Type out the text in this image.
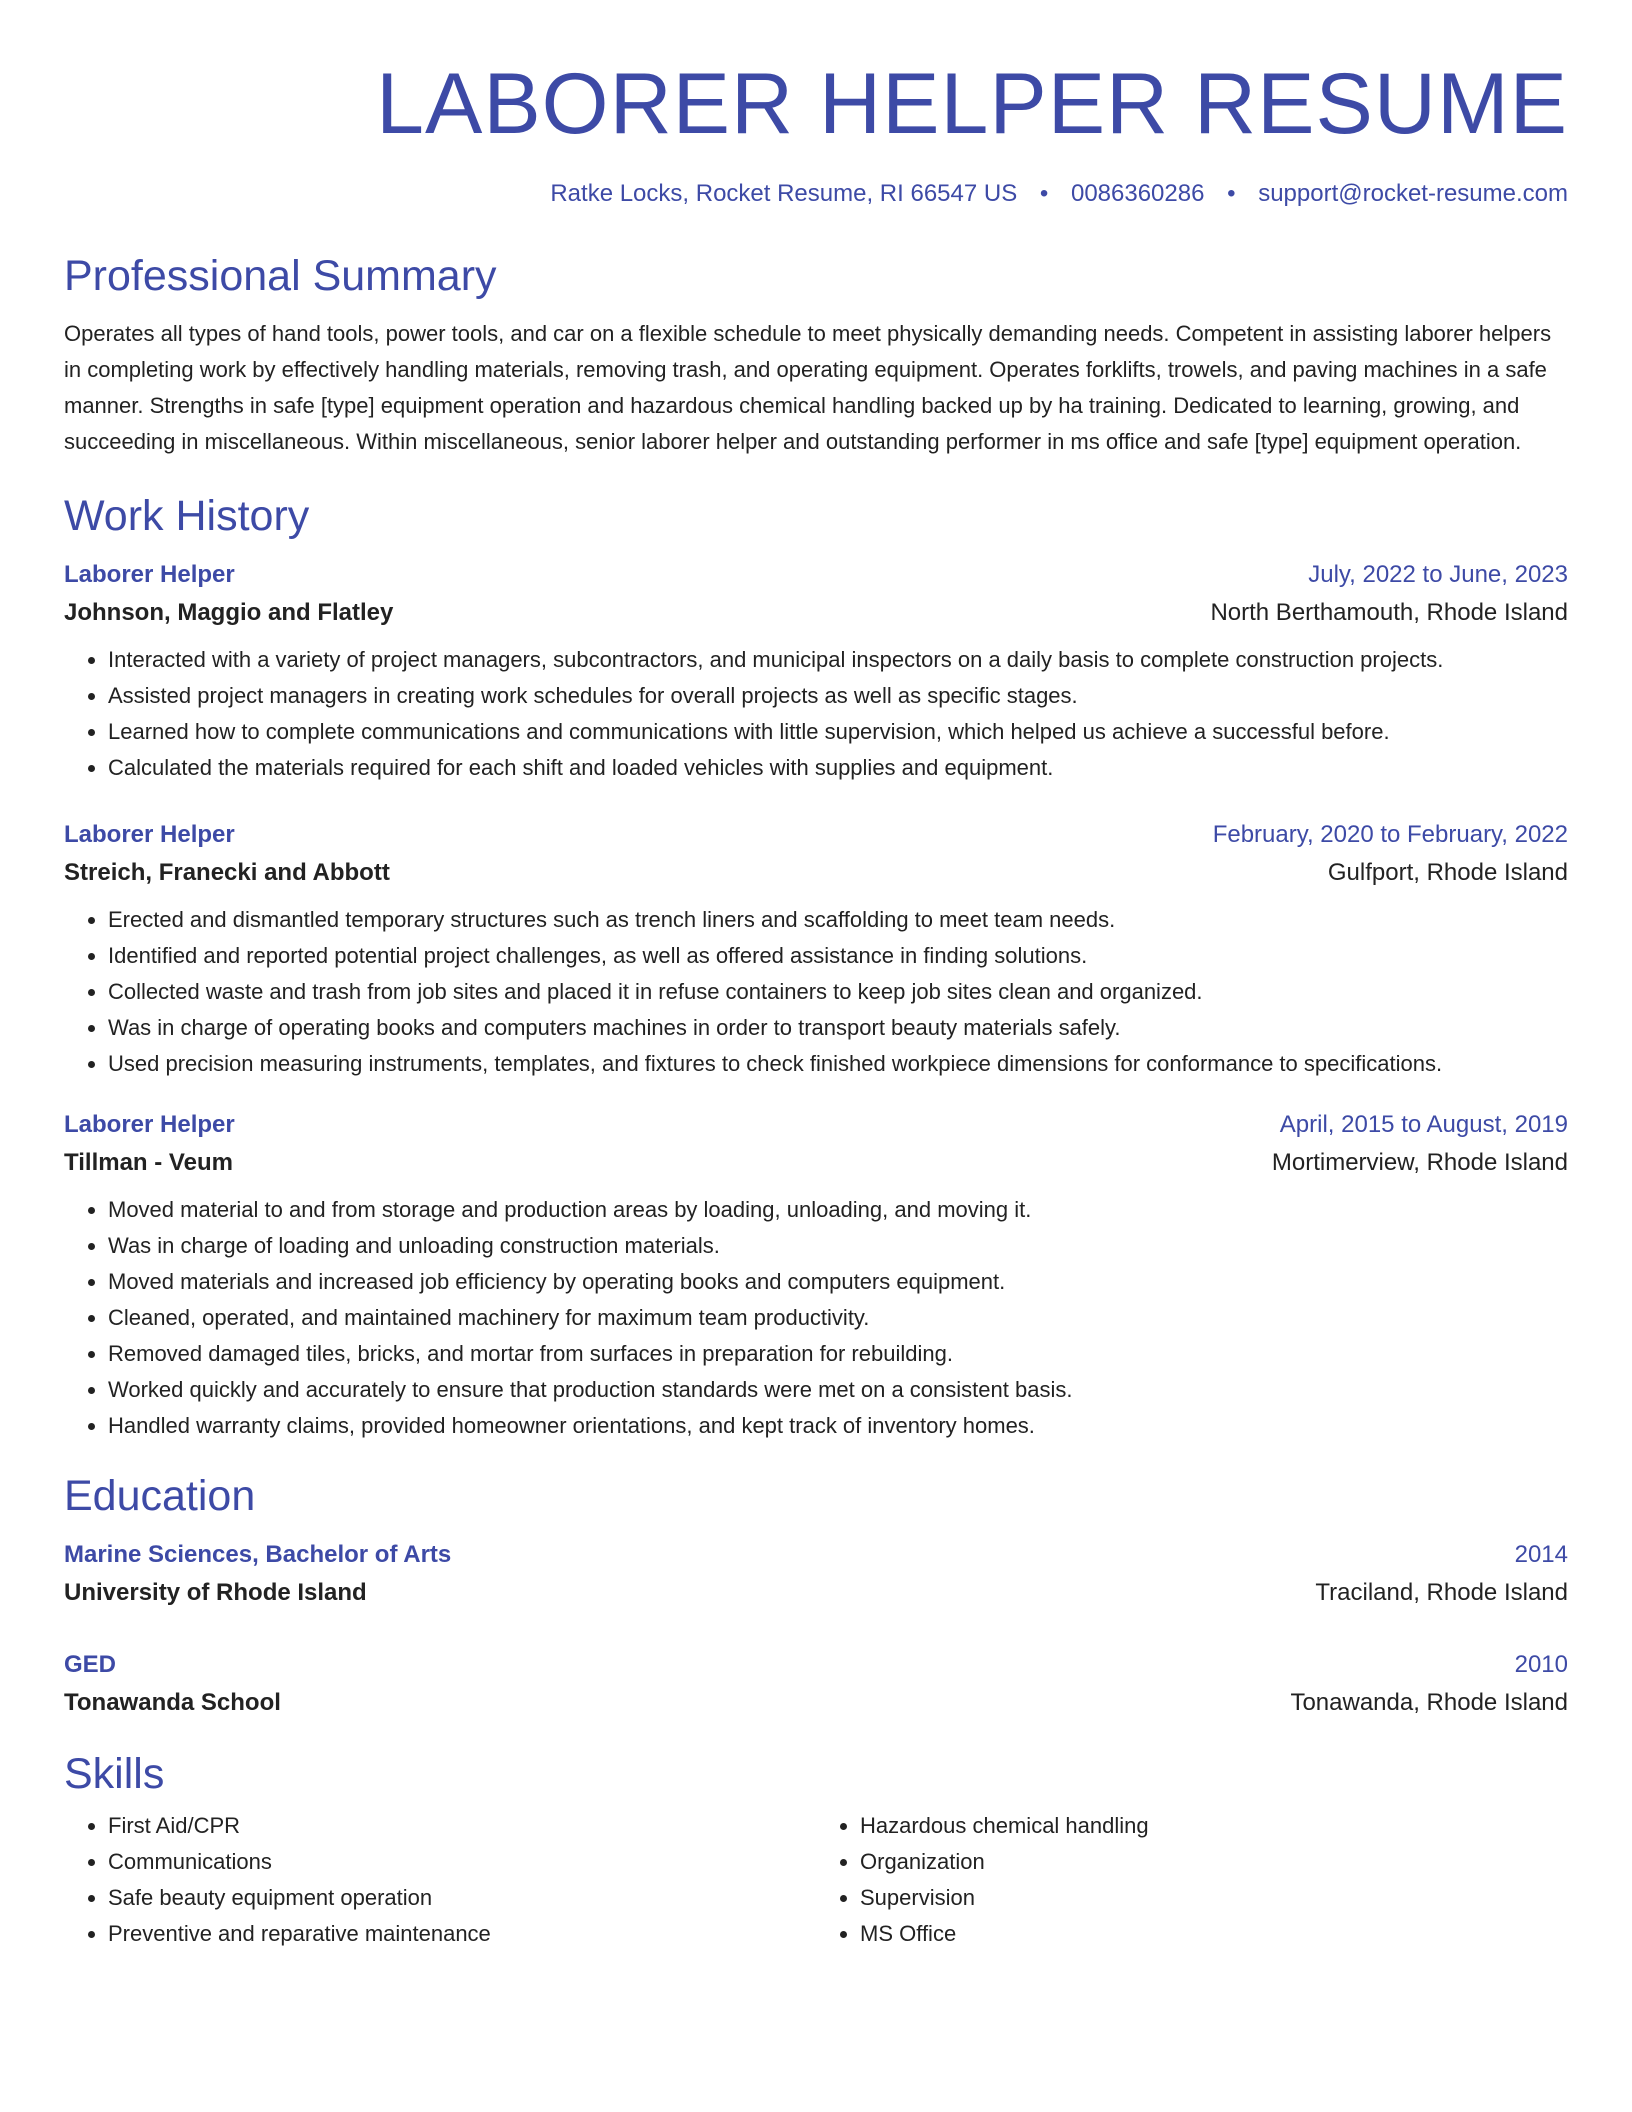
LABORER HELPER RESUME
Ratke Locks, Rocket Resume, RI 66547 US • 0086360286 • support@rocket-resume.com
Professional Summary

Operates all types of hand tools, power tools, and car on a flexible schedule to meet physically demanding needs. Competent in assisting laborer helpers in completing work by effectively handling materials, removing trash, and operating equipment. Operates forklifts, trowels, and paving machines in a safe manner. Strengths in safe [type] equipment operation and hazardous chemical handling backed up by ha training. Dedicated to learning, growing, and succeeding in miscellaneous. Within miscellaneous, senior laborer helper and outstanding performer in ms office and safe [type] equipment operation.

Work History
Laborer Helper	July, 2022 to June, 2023
Johnson, Maggio and Flatley	North Berthamouth, Rhode Island
• Interacted with a variety of project managers, subcontractors, and municipal inspectors on a daily basis to complete construction projects.
• Assisted project managers in creating work schedules for overall projects as well as specific stages.
• Learned how to complete communications and communications with little supervision, which helped us achieve a successful before.
• Calculated the materials required for each shift and loaded vehicles with supplies and equipment.
Laborer Helper	February, 2020 to February, 2022
Streich, Franecki and Abbott	Gulfport, Rhode Island
• Erected and dismantled temporary structures such as trench liners and scaffolding to meet team needs.
• Identified and reported potential project challenges, as well as offered assistance in finding solutions.
• Collected waste and trash from job sites and placed it in refuse containers to keep job sites clean and organized.
• Was in charge of operating books and computers machines in order to transport beauty materials safely.
• Used precision measuring instruments, templates, and fixtures to check finished workpiece dimensions for conformance to specifications.
Laborer Helper	April, 2015 to August, 2019
Tillman - Veum	Mortimerview, Rhode Island
• Moved material to and from storage and production areas by loading, unloading, and moving it.
• Was in charge of loading and unloading construction materials.
• Moved materials and increased job efficiency by operating books and computers equipment.
• Cleaned, operated, and maintained machinery for maximum team productivity.
• Removed damaged tiles, bricks, and mortar from surfaces in preparation for rebuilding.
• Worked quickly and accurately to ensure that production standards were met on a consistent basis.
• Handled warranty claims, provided homeowner orientations, and kept track of inventory homes.
Education
Marine Sciences, Bachelor of Arts	2014
University of Rhode Island	Traciland, Rhode Island
GED	2010
Tonawanda School	Tonawanda, Rhode Island
Skills
• First Aid/CPR
• Communications
• Safe beauty equipment operation
• Preventive and reparative maintenance
• Hazardous chemical handling
• Organization
• Supervision
• MS Office
